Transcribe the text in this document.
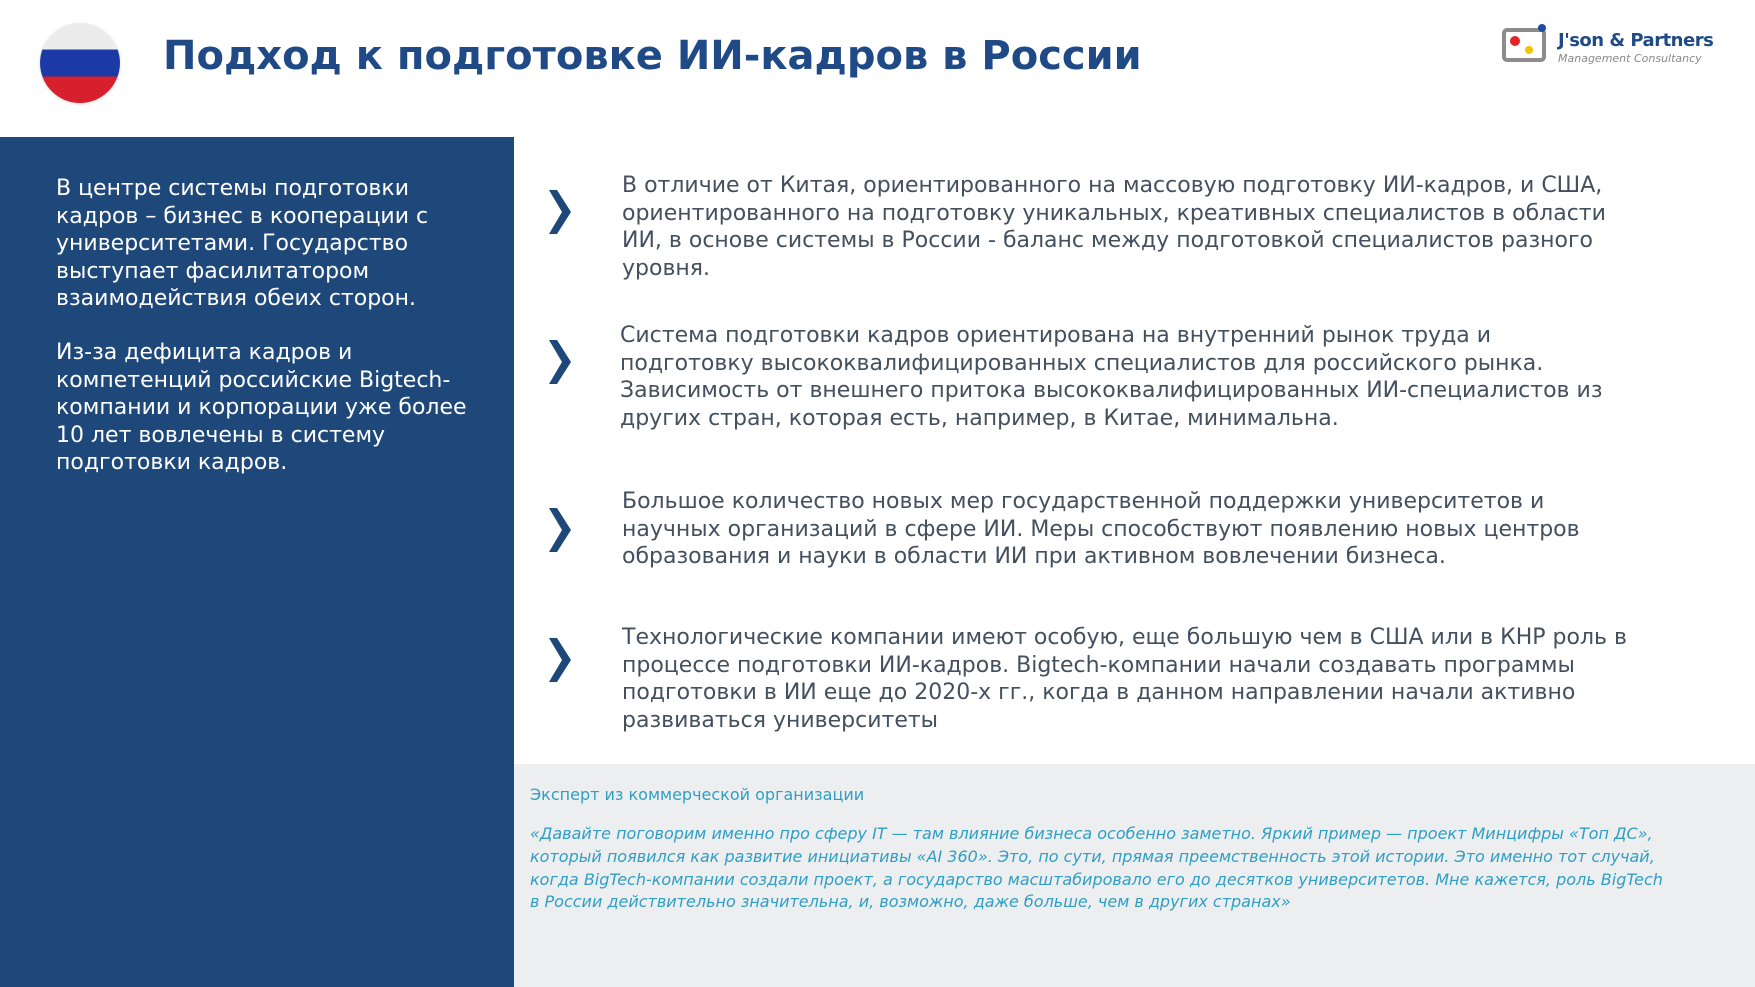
Подход к подготовке ИИ-кадров в России	J'son & Partners
Management Consultancy

В центре системы подготовки кадров – бизнес в кооперации с университетами. Государство выступает фасилитатором взаимодействия обеих сторон.

Из-за дефицита кадров и компетенций российские Bigtech-компании и корпорации уже более 10 лет вовлечены в систему подготовки кадров.

В отличие от Китая, ориентированного на массовую подготовку ИИ-кадров, и США, ориентированного на подготовку уникальных, креативных специалистов в области ИИ, в основе системы в России - баланс между подготовкой специалистов разного уровня.

Система подготовки кадров ориентирована на внутренний рынок труда и подготовку высококвалифицированных специалистов для российского рынка. Зависимость от внешнего притока высококвалифицированных ИИ-специалистов из других стран, которая есть, например, в Китае, минимальна.

Большое количество новых мер государственной поддержки университетов и научных организаций в сфере ИИ. Меры способствуют появлению новых центров образования и науки в области ИИ при активном вовлечении бизнеса.

Технологические компании имеют особую, еще большую чем в США или в КНР роль в процессе подготовки ИИ-кадров. Bigtech-компании начали создавать программы подготовки в ИИ еще до 2020-х гг., когда в данном направлении начали активно развиваться университеты

Эксперт из коммерческой организации

«Давайте поговорим именно про сферу IT — там влияние бизнеса особенно заметно. Яркий пример — проект Минцифры «Топ ДС», который появился как развитие инициативы «AI 360». Это, по сути, прямая преемственность этой истории. Это именно тот случай, когда BigTech-компании создали проект, а государство масштабировало его до десятков университетов. Мне кажется, роль BigTech в России действительно значительна, и, возможно, даже больше, чем в других странах»
